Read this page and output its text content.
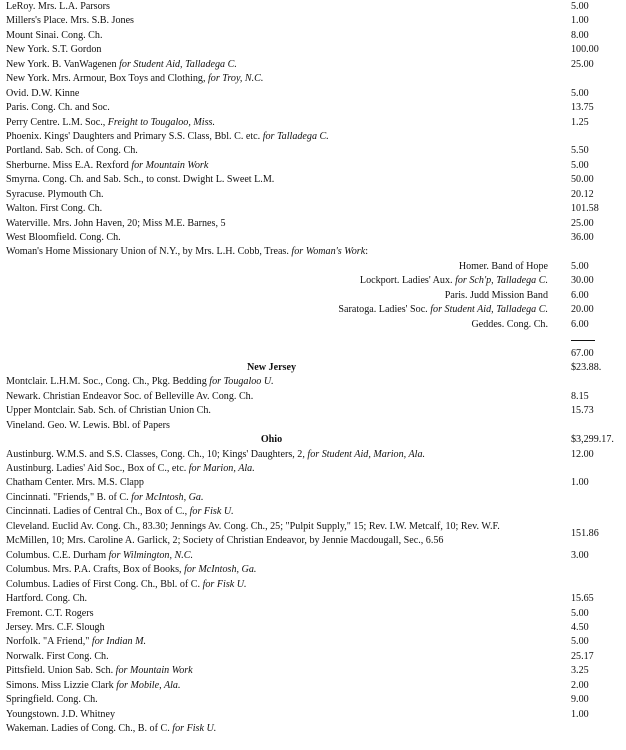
LeRoy. Mrs. L.A. Parsors	5.00
Millers's Place. Mrs. S.B. Jones	1.00
Mount Sinai. Cong. Ch.	8.00
New York. S.T. Gordon	100.00
New York. B. VanWagenen for Student Aid, Talladega C.	25.00
New York. Mrs. Armour, Box Toys and Clothing, for Troy, N.C.
Ovid. D.W. Kinne	5.00
Paris. Cong. Ch. and Soc.	13.75
Perry Centre. L.M. Soc., Freight to Tougaloo, Miss.	1.25
Phoenix. Kings' Daughters and Primary S.S. Class, Bbl. C. etc. for Talladega C.
Portland. Sab. Sch. of Cong. Ch.	5.50
Sherburne. Miss E.A. Rexford for Mountain Work	5.00
Smyrna. Cong. Ch. and Sab. Sch., to const. Dwight L. Sweet L.M.	50.00
Syracuse. Plymouth Ch.	20.12
Walton. First Cong. Ch.	101.58
Waterville. Mrs. John Haven, 20; Miss M.E. Barnes, 5	25.00
West Bloomfield. Cong. Ch.	36.00
Woman's Home Missionary Union of N.Y., by Mrs. L.H. Cobb, Treas. for Woman's Work:
Homer. Band of Hope 5.00
Lockport. Ladies' Aux. for Sch'p, Talladega C. 30.00
Paris. Judd Mission Band 6.00
Saratoga. Ladies' Soc. for Student Aid, Talladega C. 20.00
Geddes. Cong. Ch. 6.00
67.00
New Jersey	$23.88.
Montclair. L.H.M. Soc., Cong. Ch., Pkg. Bedding for Tougaloo U.
Newark. Christian Endeavor Soc. of Belleville Av. Cong. Ch.	8.15
Upper Montclair. Sab. Sch. of Christian Union Ch.	15.73
Vineland. Geo. W. Lewis. Bbl. of Papers
Ohio	$3,299.17.
Austinburg. W.M.S. and S.S. Classes, Cong. Ch., 10; Kings' Daughters, 2, for Student Aid, Marion, Ala.	12.00
Austinburg. Ladies' Aid Soc., Box of C., etc. for Marion, Ala.
Chatham Center. Mrs. M.S. Clapp	1.00
Cincinnati. "Friends," B. of C. for McIntosh, Ga.
Cincinnati. Ladies of Central Ch., Box of C., for Fisk U.
Cleveland. Euclid Av. Cong. Ch., 83.30; Jennings Av. Cong. Ch., 25; "Pulpit Supply," 15; Rev. I.W. Metcalf, 10; Rev. W.F. McMillen, 10; Mrs. Caroline A. Garlick, 2; Society of Christian Endeavor, by Jennie Macdougall, Sec., 6.56
151.86
Columbus. C.E. Durham for Wilmington, N.C.	3.00
Columbus. Mrs. P.A. Crafts, Box of Books, for McIntosh, Ga.
Columbus. Ladies of First Cong. Ch., Bbl. of C. for Fisk U.
Hartford. Cong. Ch.	15.65
Fremont. C.T. Rogers	5.00
Jersey. Mrs. C.F. Slough	4.50
Norfolk. "A Friend," for Indian M.	5.00
Norwalk. First Cong. Ch.	25.17
Pittsfield. Union Sab. Sch. for Mountain Work	3.25
Simons. Miss Lizzie Clark for Mobile, Ala.	2.00
Springfield. Cong. Ch.	9.00
Youngstown. J.D. Whitney	1.00
Wakeman. Ladies of Cong. Ch., B. of C. for Fisk U.
